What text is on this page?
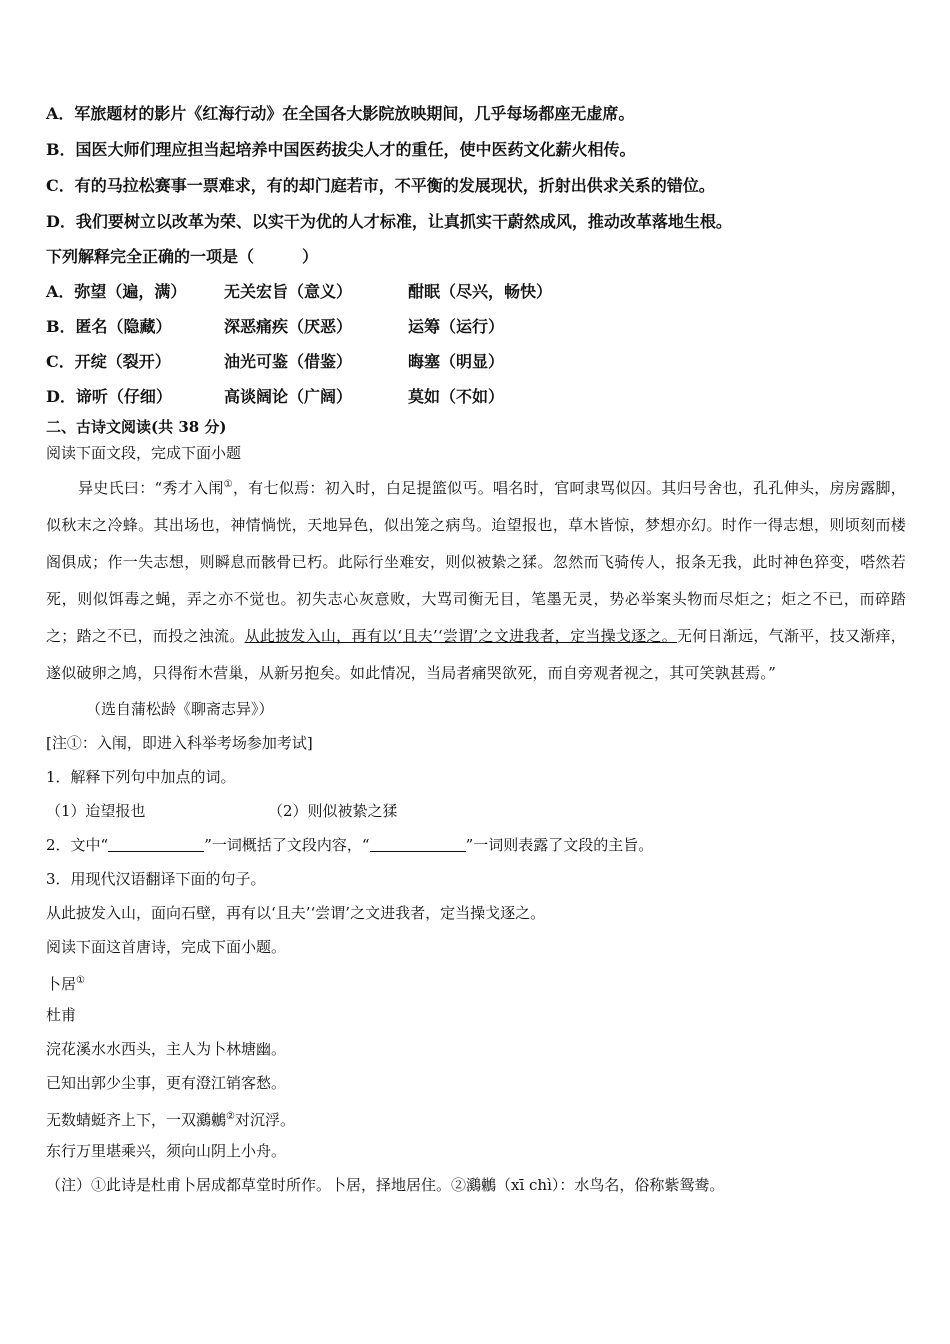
A．军旅题材的影片《红海行动》在全国各大影院放映期间，几乎每场都座无虚席。
B．国医大师们理应担当起培养中国医药拔尖人才的重任，使中医药文化薪火相传。
C．有的马拉松赛事一票难求，有的却门庭若市，不平衡的发展现状，折射出供求关系的错位。
D．我们要树立以改革为荣、以实干为优的人才标准，让真抓实干蔚然成风，推动改革落地生根。
下列解释完全正确的一项是（　　　）
A．弥望（遍，满） 无关宏旨（意义）	酣眠（尽兴，畅快）
B．匿名（隐藏）	深恶痛疾（厌恶）	运筹（运行）
C．开绽（裂开）	油光可鉴（借鉴）	晦塞（明显）
D．谛听（仔细）	高谈阔论（广阔）	莫如（不如）
二、古诗文阅读(共 38 分)
阅读下面文段，完成下面小题
异史氏曰：“秀才入闱①，有七似焉：初入时，白足提篮似丐。唱名时，官呵隶骂似囚。其归号舍也，孔孔伸头，房房露脚，似秋末之冷蜂。其出场也，神情惝恍，天地异色，似出笼之病鸟。迨望报也，草木皆惊，梦想亦幻。时作一得志想，则顷刻而楼阁俱成；作一失志想，则瞬息而骸骨已朽。此际行坐难安，则似被絷之猱。忽然而飞骑传人，报条无我，此时神色猝变，嗒然若死，则似饵毒之蝇，弄之亦不觉也。初失志心灰意败，大骂司衡无目，笔墨无灵，势必举案头物而尽炬之；炬之不已，而碎踏之；踏之不已，而投之浊流。从此披发入山，再有以‘且夫’‘尝谓’之文进我者，定当操戈逐之。无何日渐远，气渐平，技又渐痒，遂似破卵之鸠，只得衔木营巢，从新另抱矣。如此情况，当局者痛哭欲死，而自旁观者视之，其可笑孰甚焉。”
（选自蒲松龄《聊斋志异》）
[注①：入闱，即进入科举考场参加考试]
1．解释下列句中加点的词。
（1）迨望报也	（2）则似被絷之猱
2．文中“	”一词概括了文段内容，“	”一词则表露了文段的主旨。
3．用现代汉语翻译下面的句子。
从此披发入山，面向石壁，再有以‘且夫’‘尝谓’之文进我者，定当操戈逐之。
阅读下面这首唐诗，完成下面小题。
卜居①
杜甫
浣花溪水水西头，主人为卜林塘幽。
已知出郭少尘事，更有澄江销客愁。
无数蜻蜓齐上下，一双鸂鶒②对沉浮。
东行万里堪乘兴，须向山阴上小舟。
（注）①此诗是杜甫卜居成都草堂时所作。卜居，择地居住。②鸂鶒（xī chì）：水鸟名，俗称紫鸳鸯。
